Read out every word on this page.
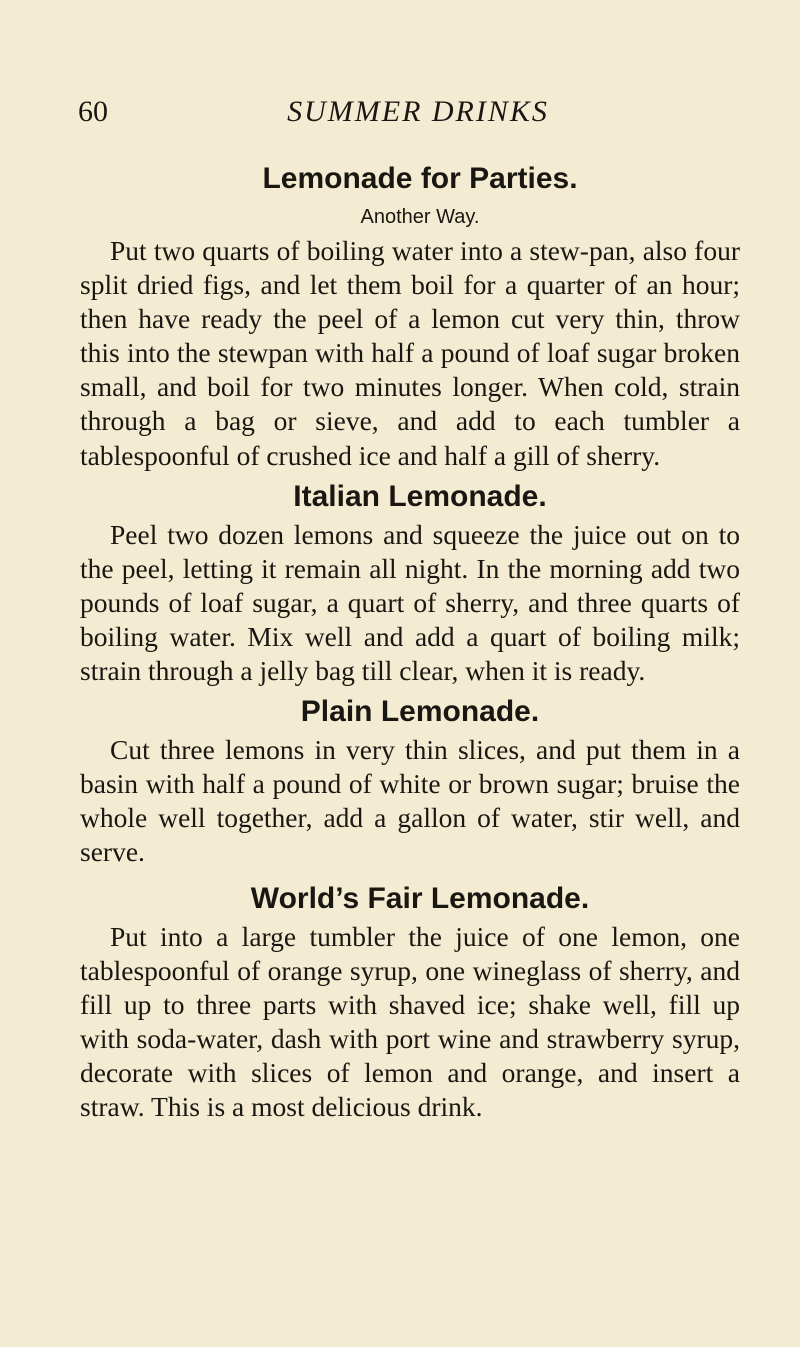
60	SUMMER DRINKS
Lemonade for Parties.
Another Way.

Put two quarts of boiling water into a stew-pan, also four split dried figs, and let them boil for a quarter of an hour; then have ready the peel of a lemon cut very thin, throw this into the stewpan with half a pound of loaf sugar broken small, and boil for two minutes longer. When cold, strain through a bag or sieve, and add to each tumbler a tablespoonful of crushed ice and half a gill of sherry.

Italian Lemonade.

Peel two dozen lemons and squeeze the juice out on to the peel, letting it remain all night. In the morning add two pounds of loaf sugar, a quart of sherry, and three quarts of boiling water. Mix well and add a quart of boiling milk; strain through a jelly bag till clear, when it is ready.

Plain Lemonade.

Cut three lemons in very thin slices, and put them in a basin with half a pound of white or brown sugar; bruise the whole well together, add a gallon of water, stir well, and serve.

World’s Fair Lemonade.

Put into a large tumbler the juice of one lemon, one tablespoonful of orange syrup, one wineglass of sherry, and fill up to three parts with shaved ice; shake well, fill up with soda-water, dash with port wine and strawberry syrup, decorate with slices of lemon and orange, and insert a straw. This is a most delicious drink.
